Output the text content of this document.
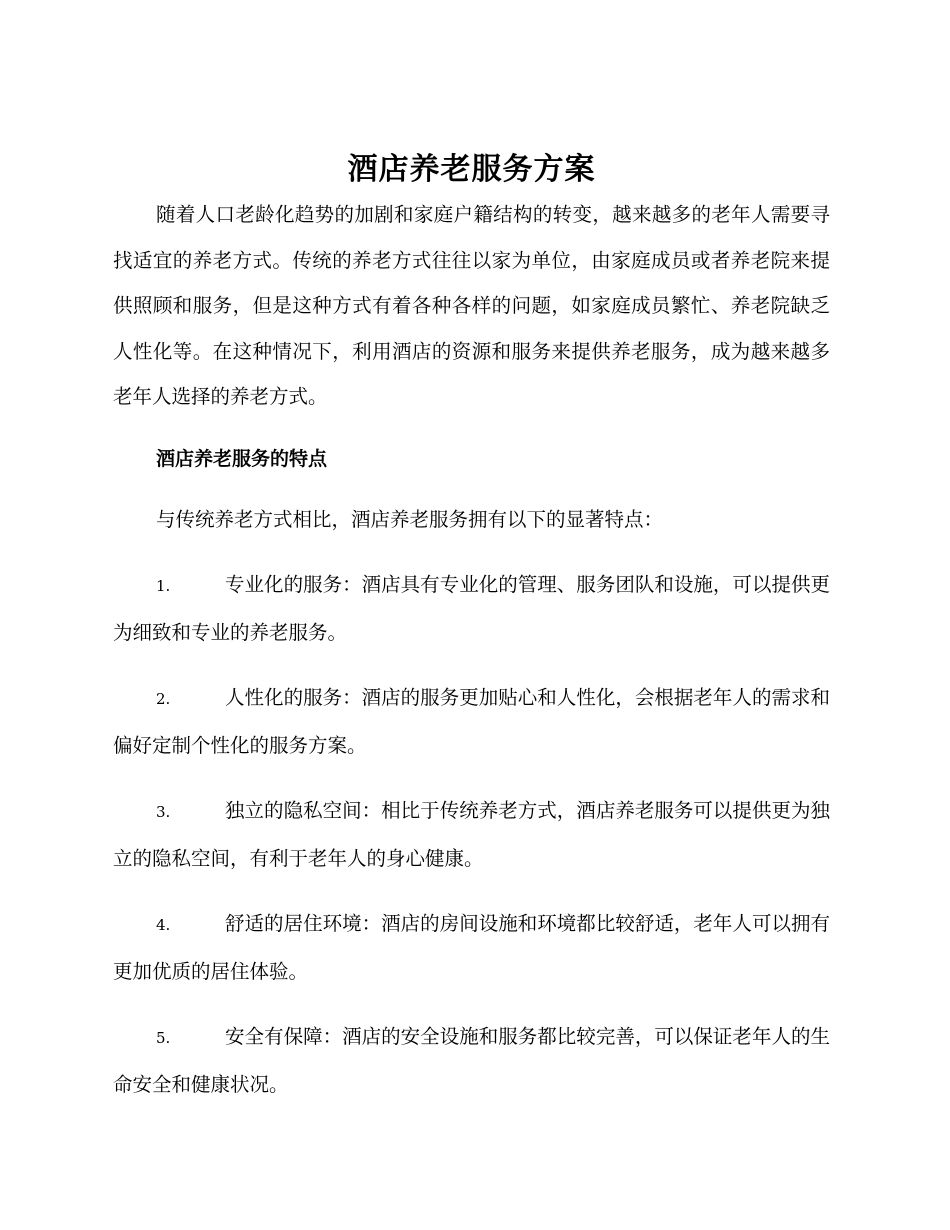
酒店养老服务方案

随着人口老龄化趋势的加剧和家庭户籍结构的转变，越来越多的老年人需要寻找适宜的养老方式。传统的养老方式往往以家为单位，由家庭成员或者养老院来提供照顾和服务，但是这种方式有着各种各样的问题，如家庭成员繁忙、养老院缺乏人性化等。在这种情况下，利用酒店的资源和服务来提供养老服务，成为越来越多老年人选择的养老方式。

酒店养老服务的特点

与传统养老方式相比，酒店养老服务拥有以下的显著特点：

1.	专业化的服务：酒店具有专业化的管理、服务团队和设施，可以提供更为细致和专业的养老服务。
2.	人性化的服务：酒店的服务更加贴心和人性化，会根据老年人的需求和偏好定制个性化的服务方案。
3.	独立的隐私空间：相比于传统养老方式，酒店养老服务可以提供更为独立的隐私空间，有利于老年人的身心健康。
4.	舒适的居住环境：酒店的房间设施和环境都比较舒适，老年人可以拥有更加优质的居住体验。
5.	安全有保障：酒店的安全设施和服务都比较完善，可以保证老年人的生命安全和健康状况。
